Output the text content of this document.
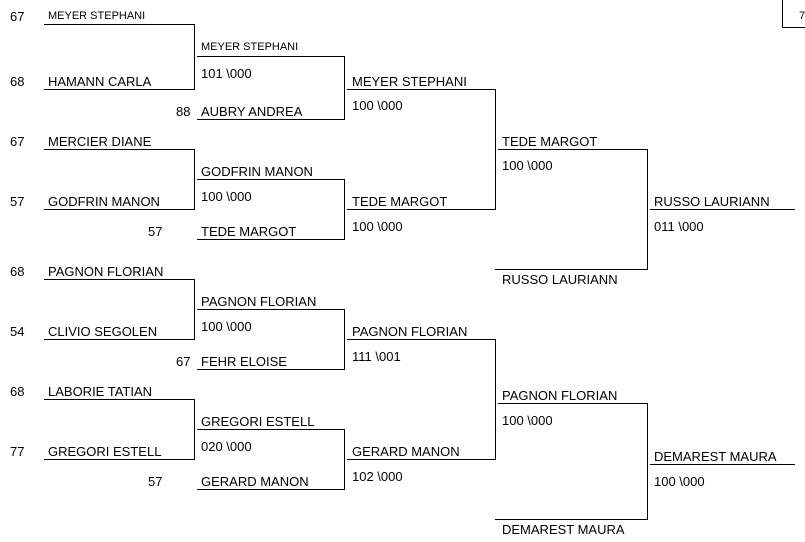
67 MEYER STEPHANI
68 HAMANN CARLA
88 AUBRY ANDREA
67 MERCIER DIANE
57 GODFRIN MANON
57	TEDE MARGOT
68 PAGNON FLORIAN
54 CLIVIO SEGOLEN
67 FEHR ELOISE
68 LABORIE TATIAN
77 GREGORI ESTELL
57	GERARD MANON
MEYER STEPHANI
101 \000
GODFRIN MANON
100 \000
PAGNON FLORIAN
100 \000
GREGORI ESTELL
020 \000
MEYER STEPHANI
100 \000
TEDE MARGOT
100 \000
PAGNON FLORIAN
111 \001
GERARD MANON
102 \000
TEDE MARGOT
100 \000
RUSSO LAURIANN
PAGNON FLORIAN
100 \000
DEMAREST MAURA
RUSSO LAURIANN
011 \000
DEMAREST MAURA
100 \000
7
